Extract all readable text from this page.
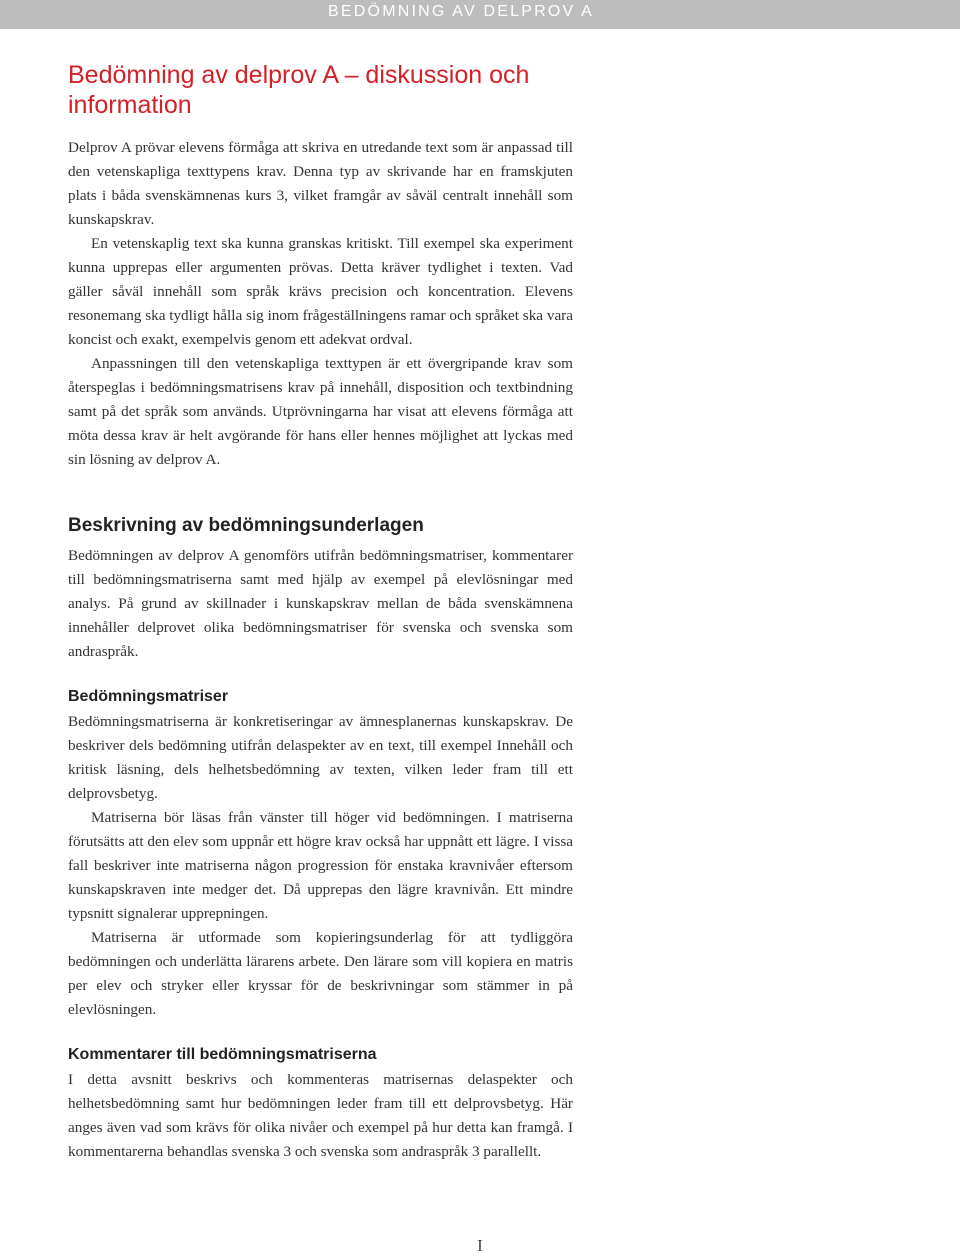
BEDÖMNING AV DELPROV A
Bedömning av delprov A – diskussion och information

Delprov A prövar elevens förmåga att skriva en utredande text som är anpassad till den vetenskapliga texttypens krav. Denna typ av skrivande har en framskjuten plats i båda svenskämnenas kurs 3, vilket framgår av såväl centralt innehåll som kunskapskrav.

En vetenskaplig text ska kunna granskas kritiskt. Till exempel ska experiment kunna upprepas eller argumenten prövas. Detta kräver tydlighet i texten. Vad gäller såväl innehåll som språk krävs precision och koncentration. Elevens resonemang ska tydligt hålla sig inom frågeställningens ramar och språket ska vara koncist och exakt, exempelvis genom ett adekvat ordval.

Anpassningen till den vetenskapliga texttypen är ett övergripande krav som återspeglas i bedömningsmatrisens krav på innehåll, disposition och textbindning samt på det språk som används. Utprövningarna har visat att elevens förmåga att möta dessa krav är helt avgörande för hans eller hennes möjlighet att lyckas med sin lösning av delprov A.

Beskrivning av bedömningsunderlagen

Bedömningen av delprov A genomförs utifrån bedömningsmatriser, kommentarer till bedömningsmatriserna samt med hjälp av exempel på elevlösningar med analys. På grund av skillnader i kunskapskrav mellan de båda svenskämnena innehåller delprovet olika bedömningsmatriser för svenska och svenska som andraspråk.

Bedömningsmatriser

Bedömningsmatriserna är konkretiseringar av ämnesplanernas kunskapskrav. De beskriver dels bedömning utifrån delaspekter av en text, till exempel Innehåll och kritisk läsning, dels helhetsbedömning av texten, vilken leder fram till ett delprovsbetyg.

Matriserna bör läsas från vänster till höger vid bedömningen. I matriserna förutsätts att den elev som uppnår ett högre krav också har uppnått ett lägre. I vissa fall beskriver inte matriserna någon progression för enstaka kravnivåer eftersom kunskapskraven inte medger det. Då upprepas den lägre kravnivån. Ett mindre typsnitt signalerar upprepningen.

Matriserna är utformade som kopieringsunderlag för att tydliggöra bedömningen och underlätta lärarens arbete. Den lärare som vill kopiera en matris per elev och stryker eller kryssar för de beskrivningar som stämmer in på elevlösningen.

Kommentarer till bedömningsmatriserna

I detta avsnitt beskrivs och kommenteras matrisernas delaspekter och helhetsbedömning samt hur bedömningen leder fram till ett delprovsbetyg. Här anges även vad som krävs för olika nivåer och exempel på hur detta kan framgå. I kommentarerna behandlas svenska 3 och svenska som andraspråk 3 parallellt.

I
